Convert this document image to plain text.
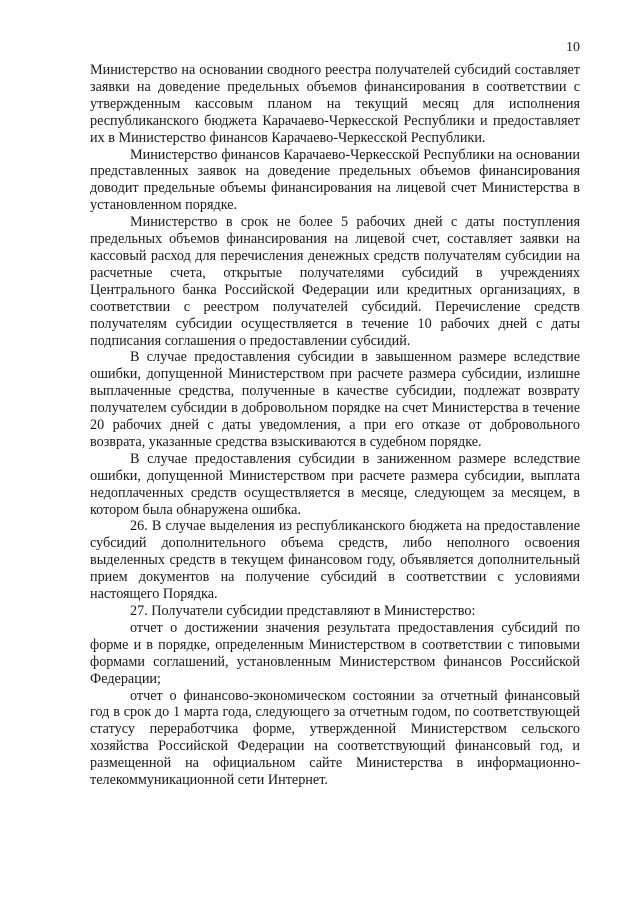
10

Министерство на основании сводного реестра получателей субсидий составляет заявки на доведение предельных объемов финансирования в соответствии с утвержденным кассовым планом на текущий месяц для исполнения республиканского бюджета Карачаево-Черкесской Республики и предоставляет их в Министерство финансов Карачаево-Черкесской Республики.

Министерство финансов Карачаево-Черкесской Республики на основании представленных заявок на доведение предельных объемов финансирования доводит предельные объемы финансирования на лицевой счет Министерства в установленном порядке.

Министерство в срок не более 5 рабочих дней с даты поступления предельных объемов финансирования на лицевой счет, составляет заявки на кассовый расход для перечисления денежных средств получателям субсидии на расчетные счета, открытые получателями субсидий в учреждениях Центрального банка Российской Федерации или кредитных организациях, в соответствии с реестром получателей субсидий. Перечисление средств получателям субсидии осуществляется в течение 10 рабочих дней с даты подписания соглашения о предоставлении субсидий.

В случае предоставления субсидии в завышенном размере вследствие ошибки, допущенной Министерством при расчете размера субсидии, излишне выплаченные средства, полученные в качестве субсидии, подлежат возврату получателем субсидии в добровольном порядке на счет Министерства в течение 20 рабочих дней с даты уведомления, а при его отказе от добровольного возврата, указанные средства взыскиваются в судебном порядке.

В случае предоставления субсидии в заниженном размере вследствие ошибки, допущенной Министерством при расчете размера субсидии, выплата недоплаченных средств осуществляется в месяце, следующем за месяцем, в котором была обнаружена ошибка.

26. В случае выделения из республиканского бюджета на предоставление субсидий дополнительного объема средств, либо неполного освоения выделенных средств в текущем финансовом году, объявляется дополнительный прием документов на получение субсидий в соответствии с условиями настоящего Порядка.

27. Получатели субсидии представляют в Министерство:

отчет о достижении значения результата предоставления субсидий по форме и в порядке, определенным Министерством в соответствии с типовыми формами соглашений, установленным Министерством финансов Российской Федерации;

отчет о финансово-экономическом состоянии за отчетный финансовый год в срок до 1 марта года, следующего за отчетным годом, по соответствующей статусу переработчика форме, утвержденной Министерством сельского хозяйства Российской Федерации на соответствующий финансовый год, и размещенной на официальном сайте Министерства в информационно-телекоммуникационной сети Интернет.
